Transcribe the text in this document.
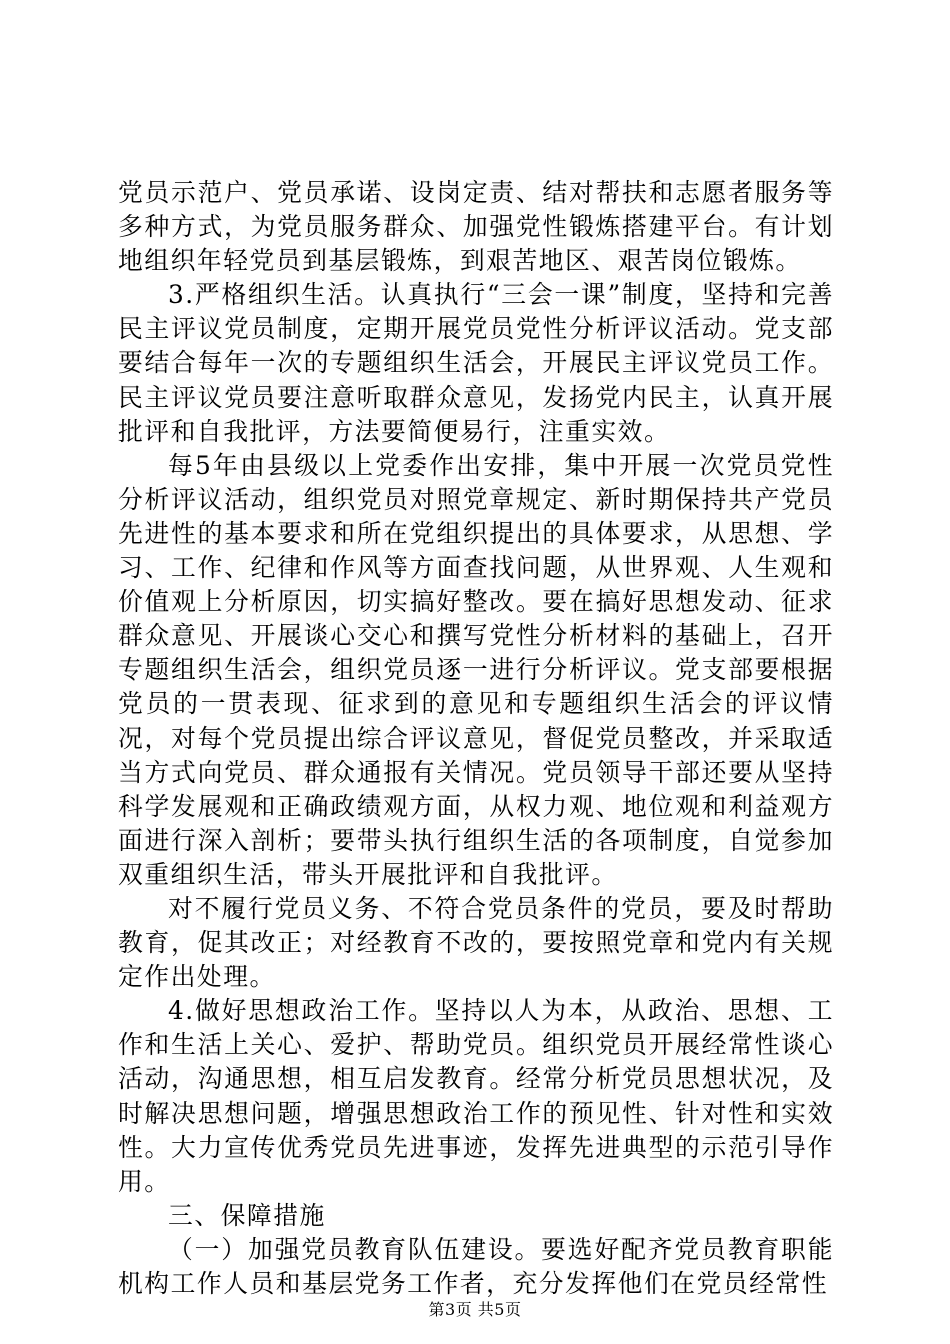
党员示范户、党员承诺、设岗定责、结对帮扶和志愿者服务等多种方式，为党员服务群众、加强党性锻炼搭建平台。有计划地组织年轻党员到基层锻炼，到艰苦地区、艰苦岗位锻炼。

3.严格组织生活。认真执行“三会一课”制度，坚持和完善民主评议党员制度，定期开展党员党性分析评议活动。党支部要结合每年一次的专题组织生活会，开展民主评议党员工作。民主评议党员要注意听取群众意见，发扬党内民主，认真开展批评和自我批评，方法要简便易行，注重实效。

每5年由县级以上党委作出安排，集中开展一次党员党性分析评议活动，组织党员对照党章规定、新时期保持共产党员先进性的基本要求和所在党组织提出的具体要求，从思想、学习、工作、纪律和作风等方面查找问题，从世界观、人生观和价值观上分析原因，切实搞好整改。要在搞好思想发动、征求群众意见、开展谈心交心和撰写党性分析材料的基础上，召开专题组织生活会，组织党员逐一进行分析评议。党支部要根据党员的一贯表现、征求到的意见和专题组织生活会的评议情况，对每个党员提出综合评议意见，督促党员整改，并采取适当方式向党员、群众通报有关情况。党员领导干部还要从坚持科学发展观和正确政绩观方面，从权力观、地位观和利益观方面进行深入剖析；要带头执行组织生活的各项制度，自觉参加双重组织生活，带头开展批评和自我批评。

对不履行党员义务、不符合党员条件的党员，要及时帮助教育，促其改正；对经教育不改的，要按照党章和党内有关规定作出处理。

4.做好思想政治工作。坚持以人为本，从政治、思想、工作和生活上关心、爱护、帮助党员。组织党员开展经常性谈心活动，沟通思想，相互启发教育。经常分析党员思想状况，及时解决思想问题，增强思想政治工作的预见性、针对性和实效性。大力宣传优秀党员先进事迹，发挥先进典型的示范引导作用。

三、保障措施

（一）加强党员教育队伍建设。要选好配齐党员教育职能机构工作人员和基层党务工作者，充分发挥他们在党员经常性

第3页 共5页
